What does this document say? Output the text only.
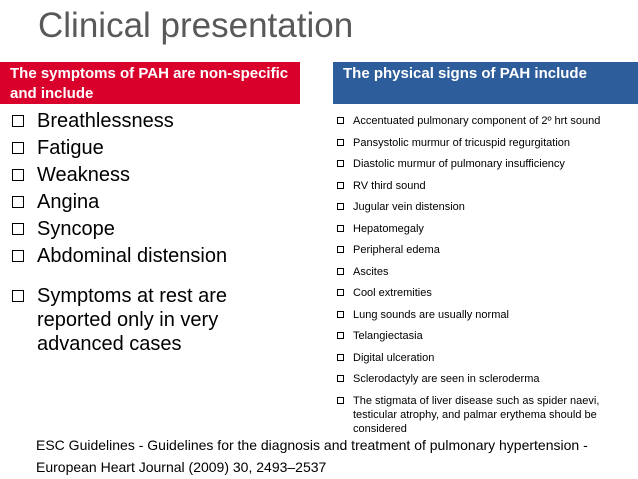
Clinical presentation
The symptoms of PAH are non-specific and include
The physical signs of PAH include
Breathlessness
Fatigue
Weakness
Angina
Syncope
Abdominal distension
Symptoms at rest are reported only in very advanced cases
Accentuated pulmonary component of 2º hrt sound
Pansystolic murmur of tricuspid regurgitation
Diastolic murmur of pulmonary insufficiency
RV third sound
Jugular vein distension
Hepatomegaly
Peripheral edema
Ascites
Cool extremities
Lung sounds are usually normal
Telangiectasia
Digital ulceration
Sclerodactyly are seen in scleroderma
The stigmata of liver disease such as spider naevi, testicular atrophy, and palmar erythema should be considered
ESC Guidelines - Guidelines for the diagnosis and treatment of pulmonary hypertension - European Heart Journal (2009) 30, 2493–2537
